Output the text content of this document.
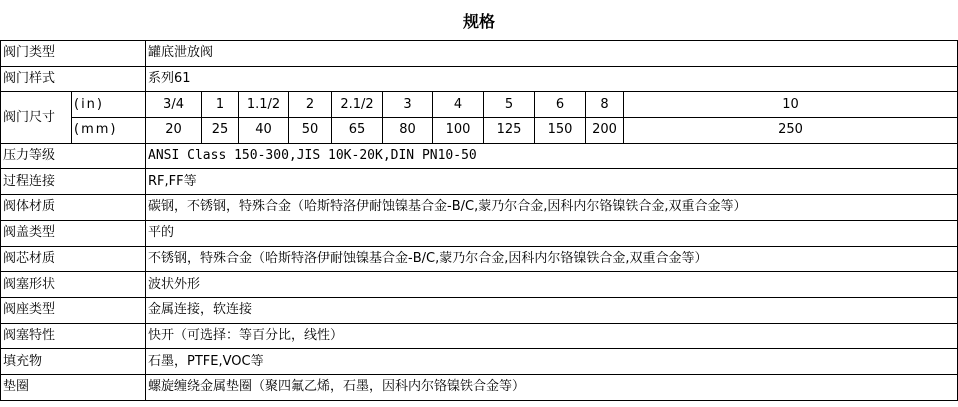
规格
阀门类型		罐底泄放阀										
阀门样式		系列61										
阀门尺寸	(in)	3/4	1	1.1/2	2	2.1/2	3	4	5	6	8	10
	(mm)	20	25	40	50	65	80	100	125	150	200	250
压力等级		ANSI Class 150-300,JIS 10K-20K,DIN PN10-50										
过程连接		RF,FF等										
阀体材质		碳钢，不锈钢，特殊合金（哈斯特洛伊耐蚀镍基合金-B/C,蒙乃尔合金,因科内尔铬镍铁合金,双重合金等）										
阀盖类型		平的										
阀芯材质		不锈钢，特殊合金（哈斯特洛伊耐蚀镍基合金-B/C,蒙乃尔合金,因科内尔铬镍铁合金,双重合金等）										
阀塞形状		波状外形										
阀座类型		金属连接，软连接										
阀塞特性		快开（可选择：等百分比，线性）										
填充物		石墨，PTFE,VOC等										
垫圈		螺旋缠绕金属垫圈（聚四氟乙烯，石墨，因科内尔铬镍铁合金等）										
